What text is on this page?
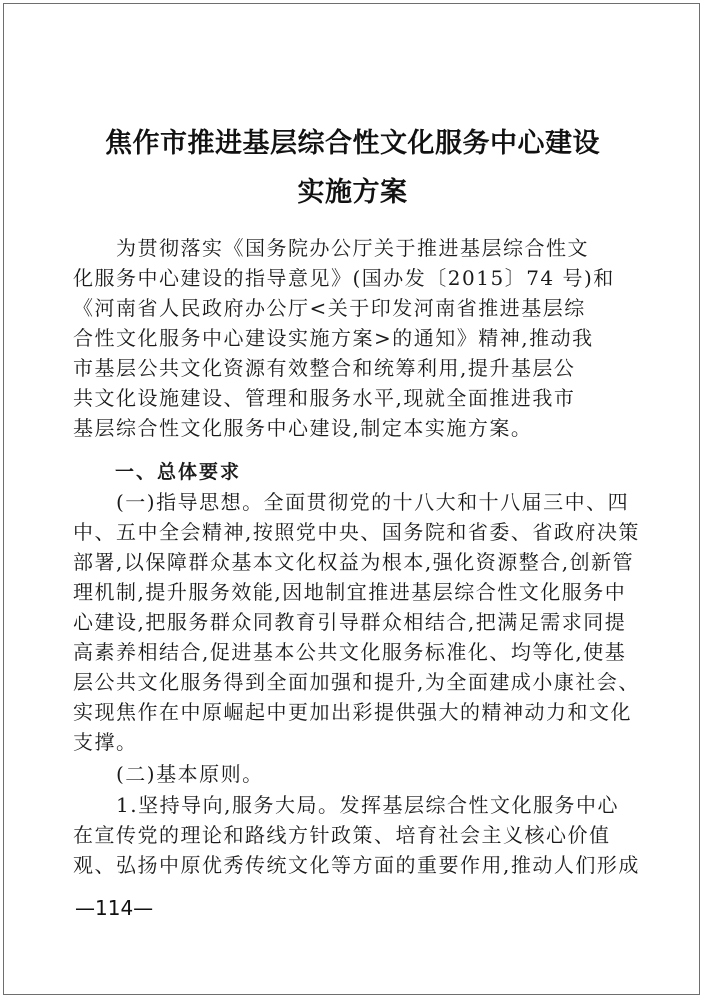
焦作市推进基层综合性文化服务中心建设
实施方案
　　为贯彻落实《国务院办公厅关于推进基层综合性文
化服务中心建设的指导意见》(国办发〔2015〕74 号)和
《河南省人民政府办公厅<关于印发河南省推进基层综
合性文化服务中心建设实施方案>的通知》精神,推动我
市基层公共文化资源有效整合和统筹利用,提升基层公
共文化设施建设、管理和服务水平,现就全面推进我市
基层综合性文化服务中心建设,制定本实施方案。
　　一、总体要求
　　(一)指导思想。全面贯彻党的十八大和十八届三中、四
中、五中全会精神,按照党中央、国务院和省委、省政府决策
部署,以保障群众基本文化权益为根本,强化资源整合,创新管
理机制,提升服务效能,因地制宜推进基层综合性文化服务中
心建设,把服务群众同教育引导群众相结合,把满足需求同提
高素养相结合,促进基本公共文化服务标准化、均等化,使基
层公共文化服务得到全面加强和提升,为全面建成小康社会、
实现焦作在中原崛起中更加出彩提供强大的精神动力和文化
支撑。
　　(二)基本原则。
　　1.坚持导向,服务大局。发挥基层综合性文化服务中心
在宣传党的理论和路线方针政策、培育社会主义核心价值
观、弘扬中原优秀传统文化等方面的重要作用,推动人们形成
—114—
